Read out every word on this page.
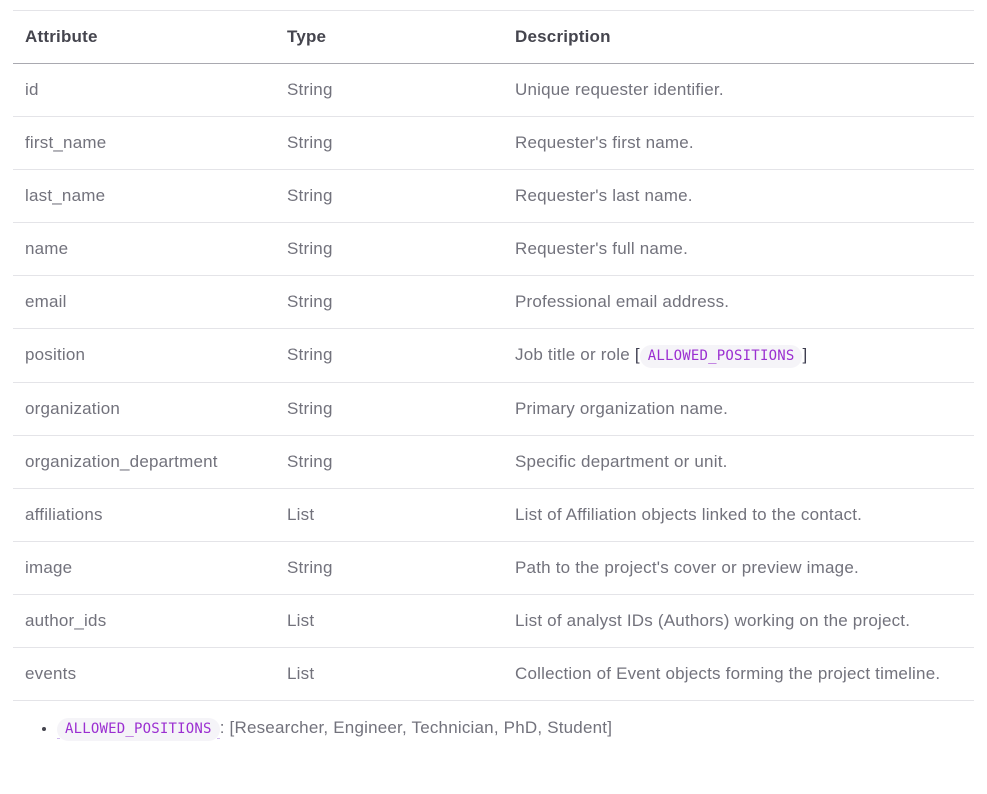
Attribute	Type	Description
id	String	Unique requester identifier.
first_name	String	Requester's first name.
last_name	String	Requester's last name.
name	String	Requester's full name.
email	String	Professional email address.
position	String	Job title or role [ ALLOWED_POSITIONS ]
organization	String	Primary organization name.
organization_department	String	Specific department or unit.
affiliations	List	List of Affiliation objects linked to the contact.
image	String	Path to the project's cover or preview image.
author_ids	List	List of analyst IDs (Authors) working on the project.
events	List	Collection of Event objects forming the project timeline.
• ALLOWED_POSITIONS : [Researcher, Engineer, Technician, PhD, Student]
